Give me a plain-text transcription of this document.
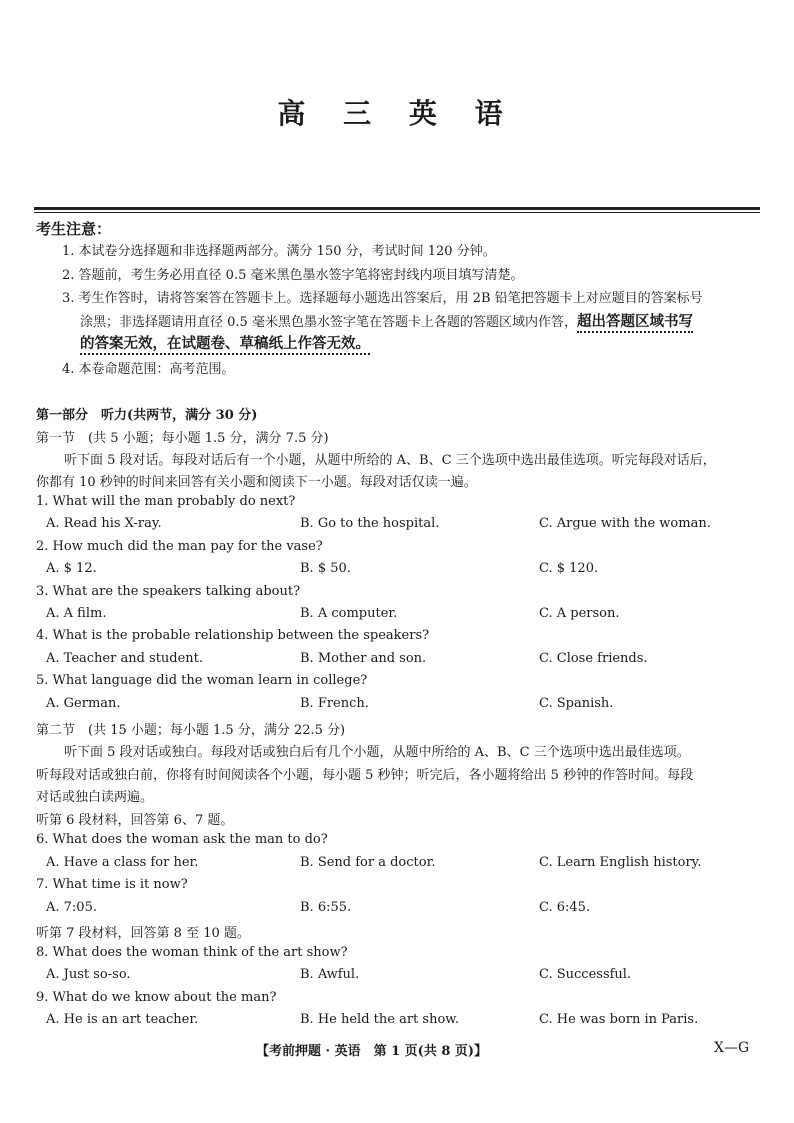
高 三 英 语
考生注意：
1. 本试卷分选择题和非选择题两部分。满分 150 分，考试时间 120 分钟。
2. 答题前，考生务必用直径 0.5 毫米黑色墨水签字笔将密封线内项目填写清楚。
3. 考生作答时，请将答案答在答题卡上。选择题每小题选出答案后，用 2B 铅笔把答题卡上对应题目的答案标号
涂黑；非选择题请用直径 0.5 毫米黑色墨水签字笔在答题卡上各题的答题区域内作答，超出答题区域书写
的答案无效，在试题卷、草稿纸上作答无效。
4. 本卷命题范围：高考范围。
第一部分　听力(共两节，满分 30 分)
第一节　(共 5 小题；每小题 1.5 分，满分 7.5 分)
听下面 5 段对话。每段对话后有一个小题，从题中所给的 A、B、C 三个选项中选出最佳选项。听完每段对话后，
你都有 10 秒钟的时间来回答有关小题和阅读下一小题。每段对话仅读一遍。
1. What will the man probably do next?
A. Read his X-ray.	B. Go to the hospital.	C. Argue with the woman.
2. How much did the man pay for the vase?
A. $ 12.	B. $ 50.	C. $ 120.
3. What are the speakers talking about?
A. A film.	B. A computer.	C. A person.
4. What is the probable relationship between the speakers?
A. Teacher and student.	B. Mother and son.	C. Close friends.
5. What language did the woman learn in college?
A. German.	B. French.	C. Spanish.
第二节　(共 15 小题；每小题 1.5 分，满分 22.5 分)
听下面 5 段对话或独白。每段对话或独白后有几个小题，从题中所给的 A、B、C 三个选项中选出最佳选项。
听每段对话或独白前，你将有时间阅读各个小题，每小题 5 秒钟；听完后，各小题将给出 5 秒钟的作答时间。每段
对话或独白读两遍。
听第 6 段材料，回答第 6、7 题。
6. What does the woman ask the man to do?
A. Have a class for her.	B. Send for a doctor.	C. Learn English history.
7. What time is it now?
A. 7:05.	B. 6:55.	C. 6:45.
听第 7 段材料，回答第 8 至 10 题。
8. What does the woman think of the art show?
A. Just so-so.	B. Awful.	C. Successful.
9. What do we know about the man?
A. He is an art teacher.	B. He held the art show.	C. He was born in Paris.
【考前押题 · 英语　第 1 页(共 8 页)】	X—G
